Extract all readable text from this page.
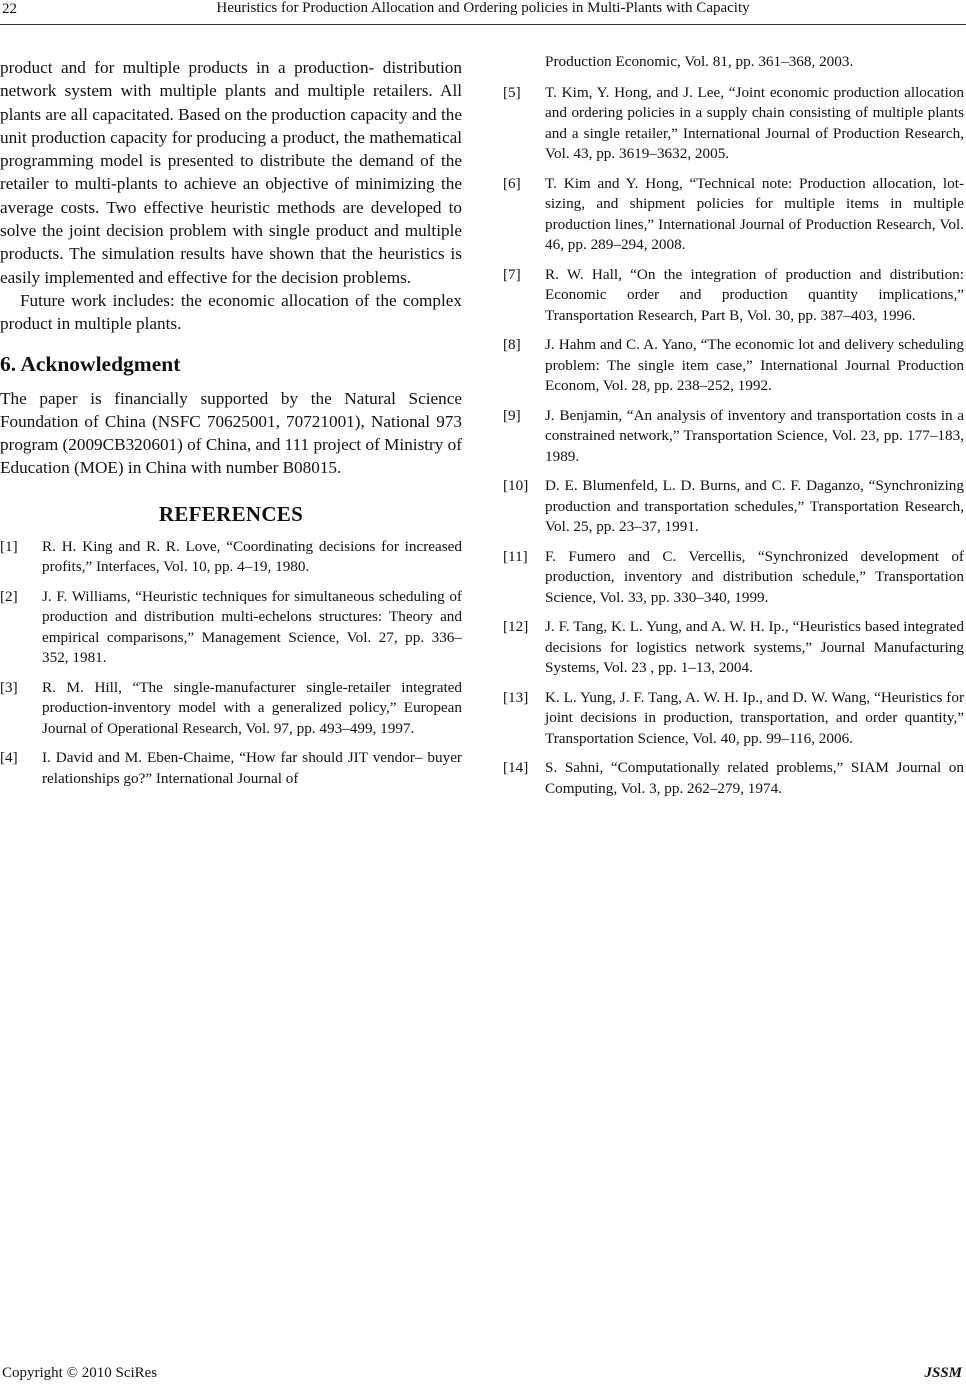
22	Heuristics for Production Allocation and Ordering policies in Multi-Plants with Capacity

product and for multiple products in a production- distribution network system with multiple plants and multiple retailers. All plants are all capacitated. Based on the production capacity and the unit production capacity for producing a product, the mathematical programming model is presented to distribute the demand of the retailer to multi-plants to achieve an objective of minimizing the average costs. Two effective heuristic methods are developed to solve the joint decision problem with single product and multiple products. The simulation results have shown that the heuristics is easily implemented and effective for the decision problems.

Future work includes: the economic allocation of the complex product in multiple plants.

6. Acknowledgment

The paper is financially supported by the Natural Science Foundation of China (NSFC 70625001, 70721001), National 973 program (2009CB320601) of China, and 111 project of Ministry of Education (MOE) in China with number B08015.

REFERENCES
[1] R. H. King and R. R. Love, “Coordinating decisions for increased profits,” Interfaces, Vol. 10, pp. 4–19, 1980.
[2] J. F. Williams, “Heuristic techniques for simultaneous scheduling of production and distribution multi-echelons structures: Theory and empirical comparisons,” Management Science, Vol. 27, pp. 336–352, 1981.
[3] R. M. Hill, “The single-manufacturer single-retailer integrated production-inventory model with a generalized policy,” European Journal of Operational Research, Vol. 97, pp. 493–499, 1997.
[4] I. David and M. Eben-Chaime, “How far should JIT vendor– buyer relationships go?” International Journal of
Production Economic, Vol. 81, pp. 361–368, 2003.
[5] T. Kim, Y. Hong, and J. Lee, “Joint economic production allocation and ordering policies in a supply chain consisting of multiple plants and a single retailer,” International Journal of Production Research, Vol. 43, pp. 3619–3632, 2005.
[6] T. Kim and Y. Hong, “Technical note: Production allocation, lot-sizing, and shipment policies for multiple items in multiple production lines,” International Journal of Production Research, Vol. 46, pp. 289–294, 2008.
[7] R. W. Hall, “On the integration of production and distribution: Economic order and production quantity implications,” Transportation Research, Part B, Vol. 30, pp. 387–403, 1996.
[8] J. Hahm and C. A. Yano, “The economic lot and delivery scheduling problem: The single item case,” International Journal Production Econom, Vol. 28, pp. 238–252, 1992.
[9] J. Benjamin, “An analysis of inventory and transportation costs in a constrained network,” Transportation Science, Vol. 23, pp. 177–183, 1989.
[10] D. E. Blumenfeld, L. D. Burns, and C. F. Daganzo, “Synchronizing production and transportation schedules,” Transportation Research, Vol. 25, pp. 23–37, 1991.
[11] F. Fumero and C. Vercellis, “Synchronized development of production, inventory and distribution schedule,” Transportation Science, Vol. 33, pp. 330–340, 1999.
[12] J. F. Tang, K. L. Yung, and A. W. H. Ip., “Heuristics based integrated decisions for logistics network systems,” Journal Manufacturing Systems, Vol. 23 , pp. 1–13, 2004.
[13] K. L. Yung, J. F. Tang, A. W. H. Ip., and D. W. Wang, “Heuristics for joint decisions in production, transportation, and order quantity,” Transportation Science, Vol. 40, pp. 99–116, 2006.
[14] S. Sahni, “Computationally related problems,” SIAM Journal on Computing, Vol. 3, pp. 262–279, 1974.
Copyright © 2010 SciRes	JSSM
